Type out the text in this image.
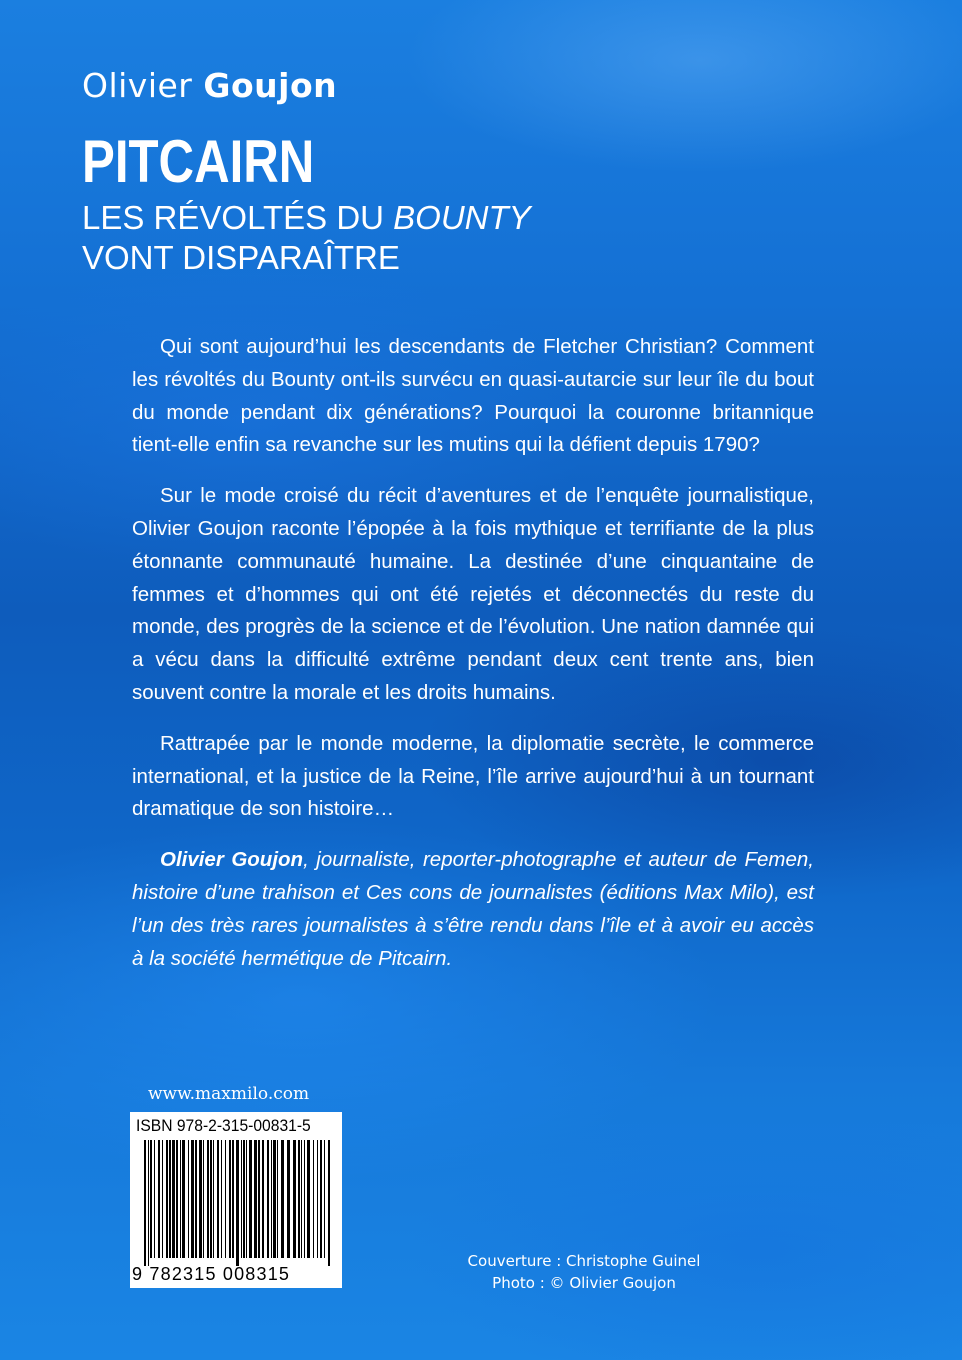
Olivier Goujon
PITCAIRN
LES RÉVOLTÉS DU BOUNTY
VONT DISPARAÎTRE

Qui sont aujourd’hui les descendants de Fletcher Christian? Comment les révoltés du Bounty ont-ils survécu en quasi-autarcie sur leur île du bout du monde pendant dix générations? Pourquoi la couronne britannique tient-elle enfin sa revanche sur les mutins qui la défient depuis 1790?

Sur le mode croisé du récit d’aventures et de l’enquête journalistique, Olivier Goujon raconte l’épopée à la fois mythique et terrifiante de la plus étonnante communauté humaine. La destinée d’une cinquantaine de femmes et d’hommes qui ont été rejetés et déconnectés du reste du monde, des progrès de la science et de l’évolution. Une nation damnée qui a vécu dans la difficulté extrême pendant deux cent trente ans, bien souvent contre la morale et les droits humains.

Rattrapée par le monde moderne, la diplomatie secrète, le commerce international, et la justice de la Reine, l’île arrive aujourd’hui à un tournant dramatique de son histoire…

Olivier Goujon, journaliste, reporter-photographe et auteur de Femen, histoire d’une trahison et Ces cons de journalistes (éditions Max Milo), est l’un des très rares journalistes à s’être rendu dans l’île et à avoir eu accès à la société hermétique de Pitcairn.

www.maxmilo.com
ISBN 978-2-315-00831-5
9 782315 008315
Couverture : Christophe Guinel
Photo : © Olivier Goujon
